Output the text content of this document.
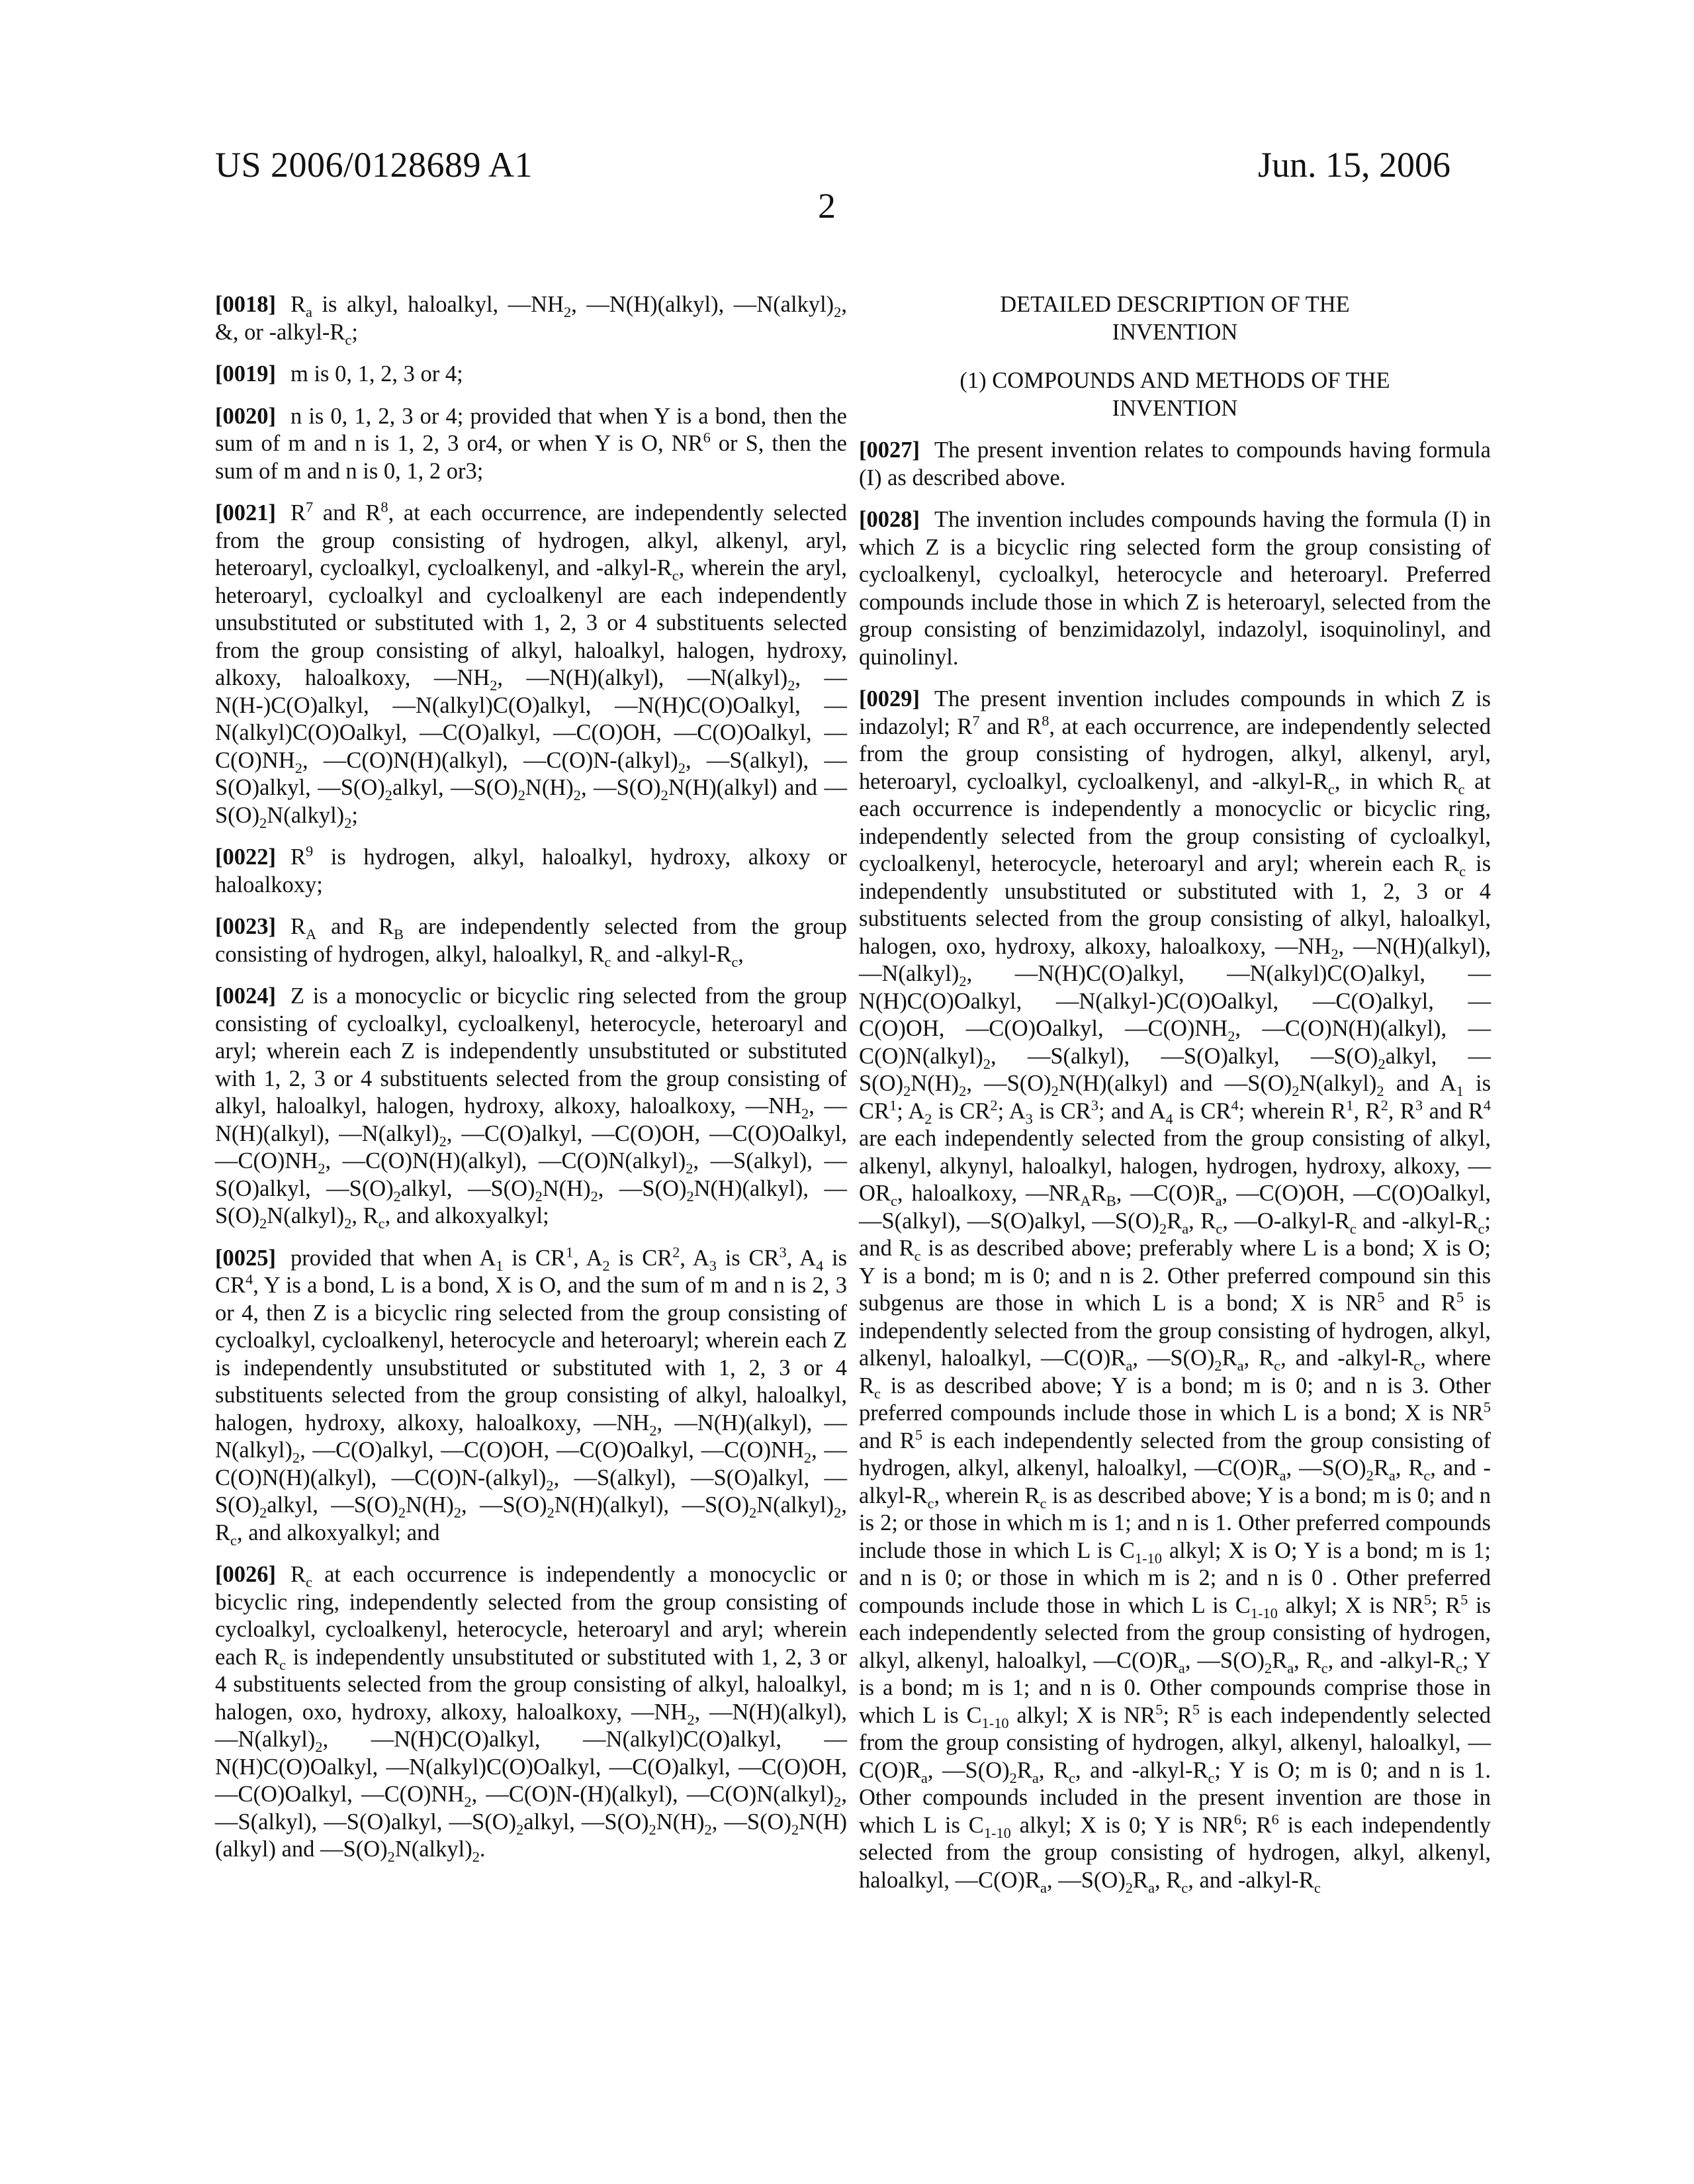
US 2006/0128689 A1	Jun. 15, 2006
2

[0018] Ra is alkyl, haloalkyl, —NH2, —N(H)(alkyl), —N(alkyl)2, &, or -alkyl-Rc;

[0019] m is 0, 1, 2, 3 or 4;

[0020] n is 0, 1, 2, 3 or 4; provided that when Y is a bond, then the sum of m and n is 1, 2, 3 or4, or when Y is O, NR6 or S, then the sum of m and n is 0, 1, 2 or3;

[0021] R7 and R8, at each occurrence, are independently selected from the group consisting of hydrogen, alkyl, alkenyl, aryl, heteroaryl, cycloalkyl, cycloalkenyl, and -alkyl-Rc, wherein the aryl, heteroaryl, cycloalkyl and cycloalkenyl are each independently unsubstituted or substituted with 1, 2, 3 or 4 substituents selected from the group consisting of alkyl, haloalkyl, halogen, hydroxy, alkoxy, haloalkoxy, —NH2, —N(H)(alkyl), —N(alkyl)2, —N(H-)C(O)alkyl, —N(alkyl)C(O)alkyl, —N(H)C(O)Oalkyl, —N(alkyl)C(O)Oalkyl, —C(O)alkyl, —C(O)OH, —C(O)Oalkyl, —C(O)NH2, —C(O)N(H)(alkyl), —C(O)N-(alkyl)2, —S(alkyl), —S(O)alkyl, —S(O)2alkyl, —S(O)2N(H)2, —S(O)2N(H)(alkyl) and —S(O)2N(alkyl)2;

[0022] R9 is hydrogen, alkyl, haloalkyl, hydroxy, alkoxy or haloalkoxy;

[0023] RA and RB are independently selected from the group consisting of hydrogen, alkyl, haloalkyl, Rc and -alkyl-Rc,

[0024] Z is a monocyclic or bicyclic ring selected from the group consisting of cycloalkyl, cycloalkenyl, heterocycle, heteroaryl and aryl; wherein each Z is independently unsubstituted or substituted with 1, 2, 3 or 4 substituents selected from the group consisting of alkyl, haloalkyl, halogen, hydroxy, alkoxy, haloalkoxy, —NH2, —N(H)(alkyl), —N(alkyl)2, —C(O)alkyl, —C(O)OH, —C(O)Oalkyl, —C(O)NH2, —C(O)N(H)(alkyl), —C(O)N(alkyl)2, —S(alkyl), —S(O)alkyl, —S(O)2alkyl, —S(O)2N(H)2, —S(O)2N(H)(alkyl), —S(O)2N(alkyl)2, Rc, and alkoxyalkyl;

[0025] provided that when A1 is CR1, A2 is CR2, A3 is CR3, A4 is CR4, Y is a bond, L is a bond, X is O, and the sum of m and n is 2, 3 or 4, then Z is a bicyclic ring selected from the group consisting of cycloalkyl, cycloalkenyl, heterocycle and heteroaryl; wherein each Z is independently unsubstituted or substituted with 1, 2, 3 or 4 substituents selected from the group consisting of alkyl, haloalkyl, halogen, hydroxy, alkoxy, haloalkoxy, —NH2, —N(H)(alkyl), —N(alkyl)2, —C(O)alkyl, —C(O)OH, —C(O)Oalkyl, —C(O)NH2, —C(O)N(H)(alkyl), —C(O)N-(alkyl)2, —S(alkyl), —S(O)alkyl, —S(O)2alkyl, —S(O)2N(H)2, —S(O)2N(H)(alkyl), —S(O)2N(alkyl)2, Rc, and alkoxyalkyl; and

[0026] Rc at each occurrence is independently a monocyclic or bicyclic ring, independently selected from the group consisting of cycloalkyl, cycloalkenyl, heterocycle, heteroaryl and aryl; wherein each Rc is independently unsubstituted or substituted with 1, 2, 3 or 4 substituents selected from the group consisting of alkyl, haloalkyl, halogen, oxo, hydroxy, alkoxy, haloalkoxy, —NH2, —N(H)(alkyl), —N(alkyl)2, —N(H)C(O)alkyl, —N(alkyl)C(O)alkyl, —N(H)C(O)Oalkyl, —N(alkyl)C(O)Oalkyl, —C(O)alkyl, —C(O)OH, —C(O)Oalkyl, —C(O)NH2, —C(O)N-(H)(alkyl), —C(O)N(alkyl)2, —S(alkyl), —S(O)alkyl, —S(O)2alkyl, —S(O)2N(H)2, —S(O)2N(H)(alkyl) and —S(O)2N(alkyl)2.

DETAILED DESCRIPTION OF THE
INVENTION
(1) COMPOUNDS AND METHODS OF THE
INVENTION

[0027] The present invention relates to compounds having formula (I) as described above.

[0028] The invention includes compounds having the formula (I) in which Z is a bicyclic ring selected form the group consisting of cycloalkenyl, cycloalkyl, heterocycle and heteroaryl. Preferred compounds include those in which Z is heteroaryl, selected from the group consisting of benzimidazolyl, indazolyl, isoquinolinyl, and quinolinyl.

[0029] The present invention includes compounds in which Z is indazolyl; R7 and R8, at each occurrence, are independently selected from the group consisting of hydrogen, alkyl, alkenyl, aryl, heteroaryl, cycloalkyl, cycloalkenyl, and -alkyl-Rc, in which Rc at each occurrence is independently a monocyclic or bicyclic ring, independently selected from the group consisting of cycloalkyl, cycloalkenyl, heterocycle, heteroaryl and aryl; wherein each Rc is independently unsubstituted or substituted with 1, 2, 3 or 4 substituents selected from the group consisting of alkyl, haloalkyl, halogen, oxo, hydroxy, alkoxy, haloalkoxy, —NH2, —N(H)(alkyl), —N(alkyl)2, —N(H)C(O)alkyl, —N(alkyl)C(O)alkyl, —N(H)C(O)Oalkyl, —N(alkyl-)C(O)Oalkyl, —C(O)alkyl, —C(O)OH, —C(O)Oalkyl, —C(O)NH2, —C(O)N(H)(alkyl), —C(O)N(alkyl)2, —S(alkyl), —S(O)alkyl, —S(O)2alkyl, —S(O)2N(H)2, —S(O)2N(H)(alkyl) and —S(O)2N(alkyl)2 and A1 is CR1; A2 is CR2; A3 is CR3; and A4 is CR4; wherein R1, R2, R3 and R4 are each independently selected from the group consisting of alkyl, alkenyl, alkynyl, haloalkyl, halogen, hydrogen, hydroxy, alkoxy, —ORc, haloalkoxy, —NRARB, —C(O)Ra, —C(O)OH, —C(O)Oalkyl, —S(alkyl), —S(O)alkyl, —S(O)2Ra, Rc, —O-alkyl-Rc and -alkyl-Rc; and Rc is as described above; preferably where L is a bond; X is O; Y is a bond; m is 0; and n is 2. Other preferred compound sin this subgenus are those in which L is a bond; X is NR5 and R5 is independently selected from the group consisting of hydrogen, alkyl, alkenyl, haloalkyl, —C(O)Ra, —S(O)2Ra, Rc, and -alkyl-Rc, where Rc is as described above; Y is a bond; m is 0; and n is 3. Other preferred compounds include those in which L is a bond; X is NR5 and R5 is each independently selected from the group consisting of hydrogen, alkyl, alkenyl, haloalkyl, —C(O)Ra, —S(O)2Ra, Rc, and -alkyl-Rc, wherein Rc is as described above; Y is a bond; m is 0; and n is 2; or those in which m is 1; and n is 1. Other preferred compounds include those in which L is C1-10 alkyl; X is O; Y is a bond; m is 1; and n is 0; or those in which m is 2; and n is 0 . Other preferred compounds include those in which L is C1-10 alkyl; X is NR5; R5 is each independently selected from the group consisting of hydrogen, alkyl, alkenyl, haloalkyl, —C(O)Ra, —S(O)2Ra, Rc, and -alkyl-Rc; Y is a bond; m is 1; and n is 0. Other compounds comprise those in which L is C1-10 alkyl; X is NR5; R5 is each independently selected from the group consisting of hydrogen, alkyl, alkenyl, haloalkyl, —C(O)Ra, —S(O)2Ra, Rc, and -alkyl-Rc; Y is O; m is 0; and n is 1. Other compounds included in the present invention are those in which L is C1-10 alkyl; X is 0; Y is NR6; R6 is each independently selected from the group consisting of hydrogen, alkyl, alkenyl, haloalkyl, —C(O)Ra, —S(O)2Ra, Rc, and -alkyl-Rc
